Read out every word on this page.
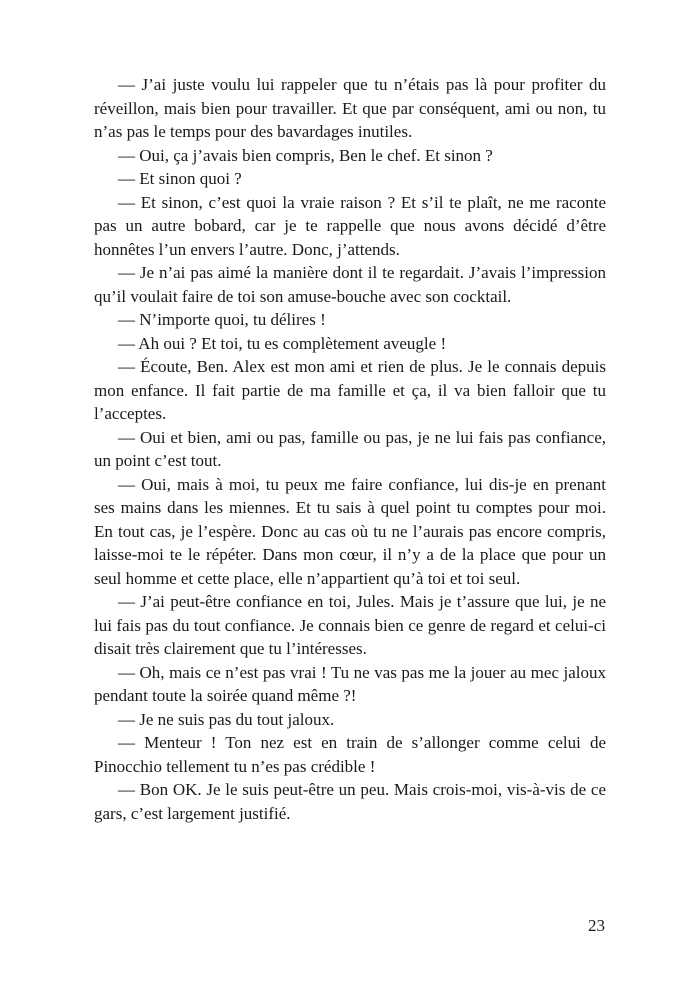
— J’ai juste voulu lui rappeler que tu n’étais pas là pour profiter du réveillon, mais bien pour travailler. Et que par conséquent, ami ou non, tu n’as pas le temps pour des bavardages inutiles.

— Oui, ça j’avais bien compris, Ben le chef. Et sinon ?

— Et sinon quoi ?

— Et sinon, c’est quoi la vraie raison ? Et s’il te plaît, ne me raconte pas un autre bobard, car je te rappelle que nous avons décidé d’être honnêtes l’un envers l’autre. Donc, j’attends.

— Je n’ai pas aimé la manière dont il te regardait. J’avais l’impression qu’il voulait faire de toi son amuse-bouche avec son cocktail.

— N’importe quoi, tu délires !

— Ah oui ? Et toi, tu es complètement aveugle !

— Écoute, Ben. Alex est mon ami et rien de plus. Je le connais depuis mon enfance. Il fait partie de ma famille et ça, il va bien falloir que tu l’acceptes.

— Oui et bien, ami ou pas, famille ou pas, je ne lui fais pas confiance, un point c’est tout.

— Oui, mais à moi, tu peux me faire confiance, lui dis-je en prenant ses mains dans les miennes. Et tu sais à quel point tu comptes pour moi. En tout cas, je l’espère. Donc au cas où tu ne l’aurais pas encore compris, laisse-moi te le répéter. Dans mon cœur, il n’y a de la place que pour un seul homme et cette place, elle n’appartient qu’à toi et toi seul.

— J’ai peut-être confiance en toi, Jules. Mais je t’assure que lui, je ne lui fais pas du tout confiance. Je connais bien ce genre de regard et celui-ci disait très clairement que tu l’intéresses.

— Oh, mais ce n’est pas vrai ! Tu ne vas pas me la jouer au mec jaloux pendant toute la soirée quand même ?!

— Je ne suis pas du tout jaloux.

— Menteur ! Ton nez est en train de s’allonger comme celui de Pinocchio tellement tu n’es pas crédible !

— Bon OK. Je le suis peut-être un peu. Mais crois-moi, vis-à-vis de ce gars, c’est largement justifié.

23
